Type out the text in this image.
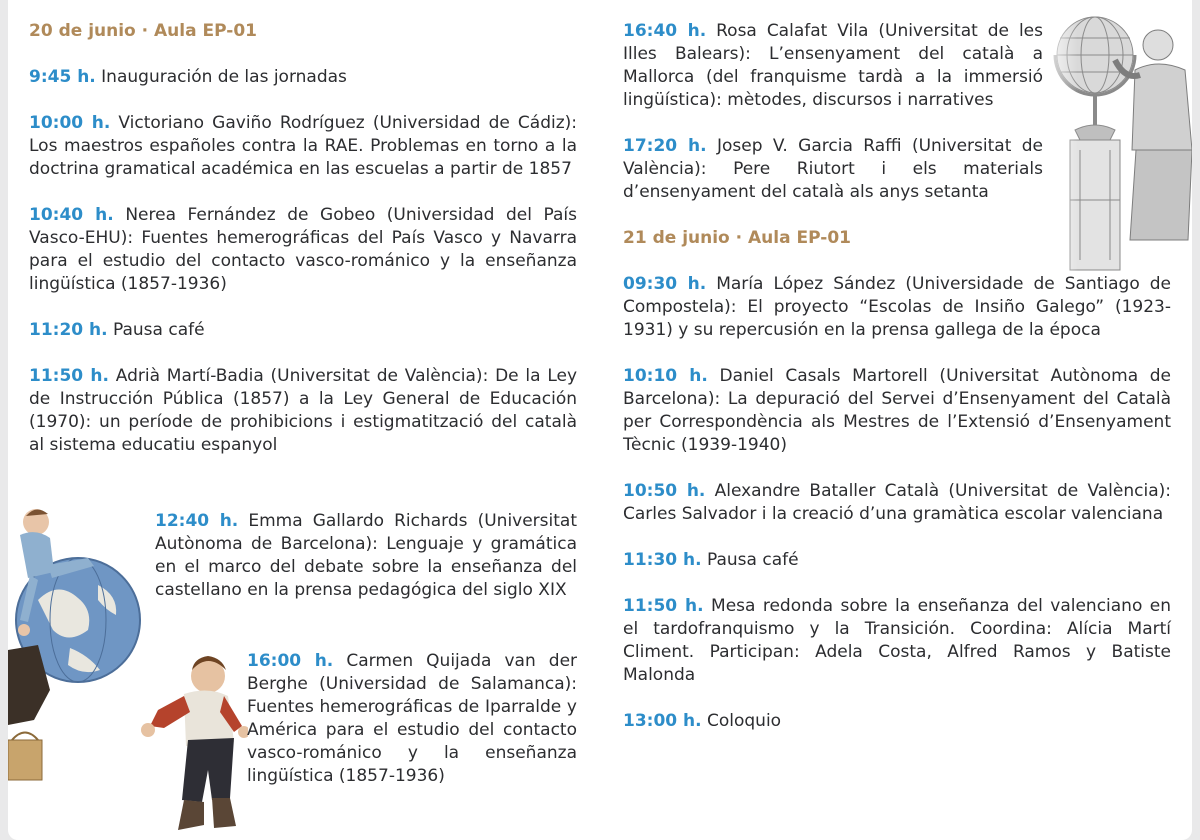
20 de junio · Aula EP-01
9:45 h. Inauguración de las jornadas
10:00 h. Victoriano Gaviño Rodríguez (Universidad de Cádiz): Los maestros españoles contra la RAE. Problemas en torno a la doctrina gramatical académica en las escuelas a partir de 1857
10:40 h. Nerea Fernández de Gobeo (Universidad del País Vasco-EHU): Fuentes hemerográficas del País Vasco y Navarra para el estudio del contacto vasco-románico y la enseñanza lingüística (1857-1936)
11:20 h. Pausa café
11:50 h. Adrià Martí-Badia (Universitat de València): De la Ley de Instrucción Pública (1857) a la Ley General de Educación (1970): un període de prohibicions i estigmatització del català al sistema educatiu espanyol
12:40 h. Emma Gallardo Richards (Universitat Autònoma de Barcelona): Lenguaje y gramática en el marco del debate sobre la enseñanza del castellano en la prensa pedagógica del siglo XIX
16:00 h. Carmen Quijada van der Berghe (Universidad de Salamanca): Fuentes hemerográficas de Iparralde y América para el estudio del contacto vasco-románico y la enseñanza lingüística (1857-1936)
16:40 h. Rosa Calafat Vila (Universitat de les Illes Balears): L’ensenyament del català a Mallorca (del franquisme tardà a la immersió lingüística): mètodes, discursos i narratives
17:20 h. Josep V. Garcia Raffi (Universitat de València): Pere Riutort i els materials d’ensenyament del català als anys setanta
21 de junio · Aula EP-01
09:30 h. María López Sández (Universidade de Santiago de Compostela): El proyecto “Escolas de Insiño Galego” (1923-1931) y su repercusión en la prensa gallega de la época
10:10 h. Daniel Casals Martorell (Universitat Autònoma de Barcelona): La depuració del Servei d’Ensenyament del Català per Correspondència als Mestres de l’Extensió d’Ensenyament Tècnic (1939-1940)
10:50 h. Alexandre Bataller Català (Universitat de València): Carles Salvador i la creació d’una gramàtica escolar valenciana
11:30 h. Pausa café
11:50 h. Mesa redonda sobre la enseñanza del valenciano en el tardofranquismo y la Transición. Coordina: Alícia Martí Climent. Participan: Adela Costa, Alfred Ramos y Batiste Malonda
13:00 h. Coloquio
